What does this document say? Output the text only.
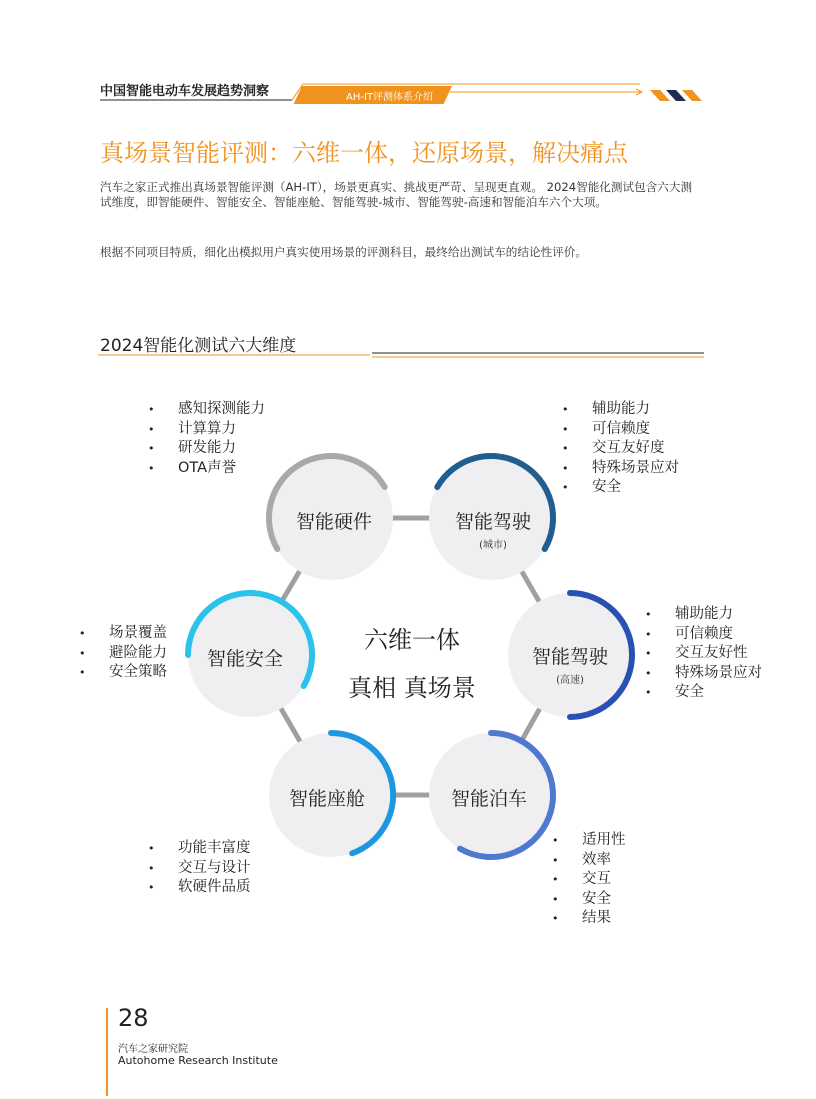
中国智能电动车发展趋势洞察	AH-IT评测体系介绍
真场景智能评测：六维一体，还原场景，解决痛点
汽车之家正式推出真场景智能评测（AH-IT），场景更真实、挑战更严苛、呈现更直观。 2024智能化测试包含六大测试维度，即智能硬件、智能安全、智能座舱、智能驾驶-城市、智能驾驶-高速和智能泊车六个大项。
根据不同项目特质，细化出模拟用户真实使用场景的评测科目，最终给出测试车的结论性评价。
2024智能化测试六大维度
六维一体
真相 真场景
智能硬件	智能驾驶
(城市)
智能驾驶
(高速)
智能泊车
智能座舱
智能安全
• 感知探测能力
• 计算算力
• 研发能力
• OTA声誉
• 辅助能力
• 可信赖度
• 交互友好度
• 特殊场景应对
• 安全
• 辅助能力
• 可信赖度
• 交互友好性
• 特殊场景应对
• 安全
• 适用性
• 效率
• 交互
• 安全
• 结果
• 功能丰富度
• 交互与设计
• 软硬件品质
• 场景覆盖
• 避险能力
• 安全策略
28
汽车之家研究院
Autohome Research Institute
